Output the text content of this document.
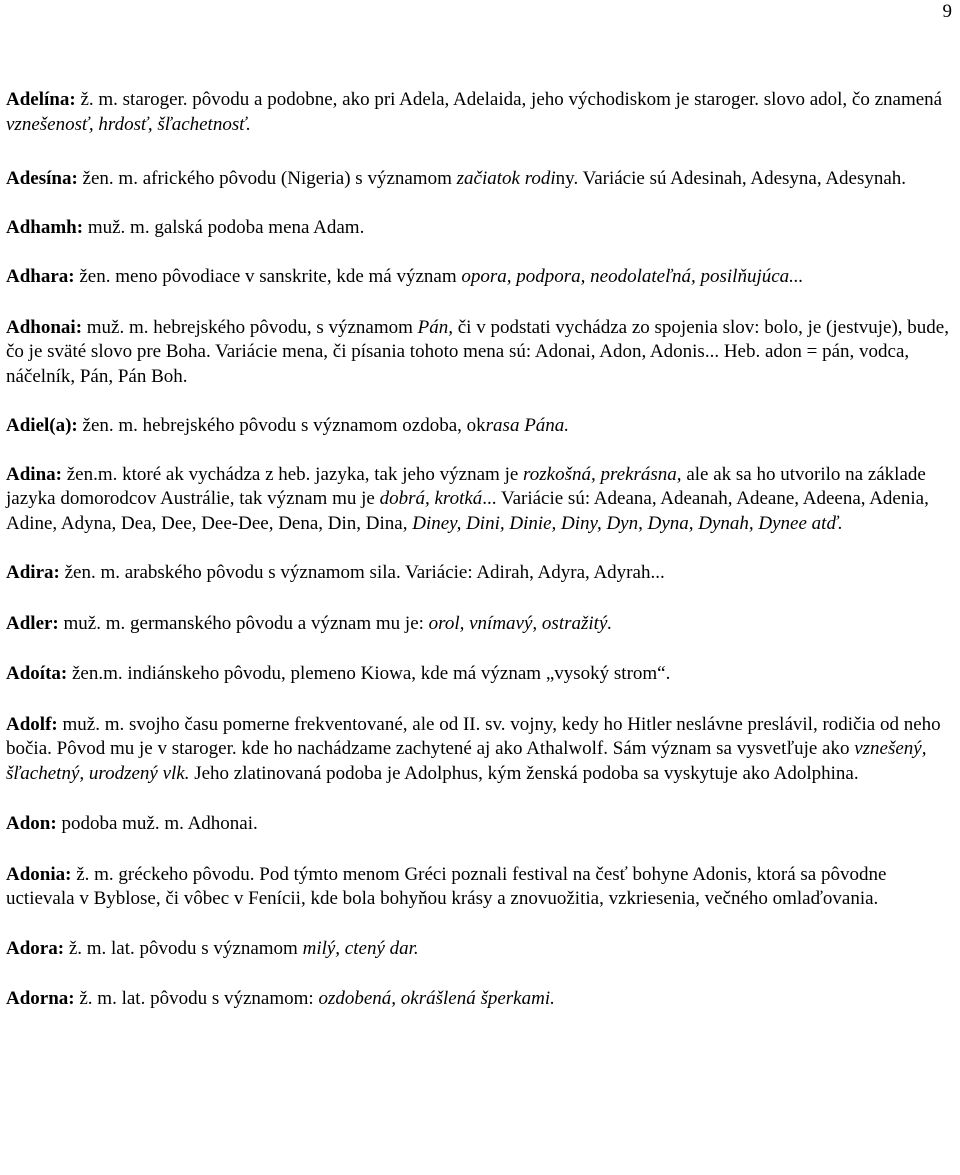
9

Adelína: ž. m. staroger. pôvodu a podobne, ako pri Adela, Adelaida, jeho východiskom je staroger. slovo adol, čo znamená vznešenosť, hrdosť, šľachetnosť.

Adesína: žen. m. afrického pôvodu (Nigeria) s významom začiatok rodiny. Variácie sú Adesinah, Adesyna, Adesynah.

Adhamh: muž. m. galská podoba mena Adam.

Adhara: žen. meno pôvodiace v sanskrite, kde má význam opora, podpora, neodolateľná, posilňujúca...

Adhonai: muž. m. hebrejského pôvodu, s významom Pán, či v podstati vychádza zo spojenia slov: bolo, je (jestvuje), bude, čo je sväté slovo pre Boha. Variácie mena, či písania tohoto mena sú: Adonai, Adon, Adonis... Heb. adon = pán, vodca, náčelník, Pán, Pán Boh.

Adiel(a): žen. m. hebrejského pôvodu s významom ozdoba, okrasa Pána.

Adina: žen.m. ktoré ak vychádza z heb. jazyka, tak jeho význam je rozkošná, prekrásna, ale ak sa ho utvorilo na základe jazyka domorodcov Austrálie, tak význam mu je dobrá, krotká... Variácie sú: Adeana, Adeanah, Adeane, Adeena, Adenia, Adine, Adyna, Dea, Dee, Dee-Dee, Dena, Din, Dina, Diney, Dini, Dinie, Diny, Dyn, Dyna, Dynah, Dynee atď.

Adira: žen. m. arabského pôvodu s významom sila. Variácie: Adirah, Adyra, Adyrah...

Adler: muž. m. germanského pôvodu a význam mu je: orol, vnímavý, ostražitý.

Adoíta: žen.m. indiánskeho pôvodu, plemeno Kiowa, kde má význam „vysoký strom“.

Adolf: muž. m. svojho času pomerne frekventované, ale od II. sv. vojny, kedy ho Hitler neslávne preslávil, rodičia od neho bočia. Pôvod mu je v staroger. kde ho nachádzame zachytené aj ako Athalwolf. Sám význam sa vysvetľuje ako vznešený, šľachetný, urodzený vlk. Jeho zlatinovaná podoba je Adolphus, kým ženská podoba sa vyskytuje ako Adolphina.

Adon: podoba muž. m. Adhonai.

Adonia: ž. m. gréckeho pôvodu. Pod týmto menom Gréci poznali festival na česť bohyne Adonis, ktorá sa pôvodne uctievala v Byblose, či vôbec v Feníciі, kde bola bohyňou krásy a znovuožitia, vzkriesenia, večného omlaďovania.

Adora: ž. m. lat. pôvodu s významom milý, ctený dar.

Adorna: ž. m. lat. pôvodu s významom: ozdobená, okrášlená šperkami.
